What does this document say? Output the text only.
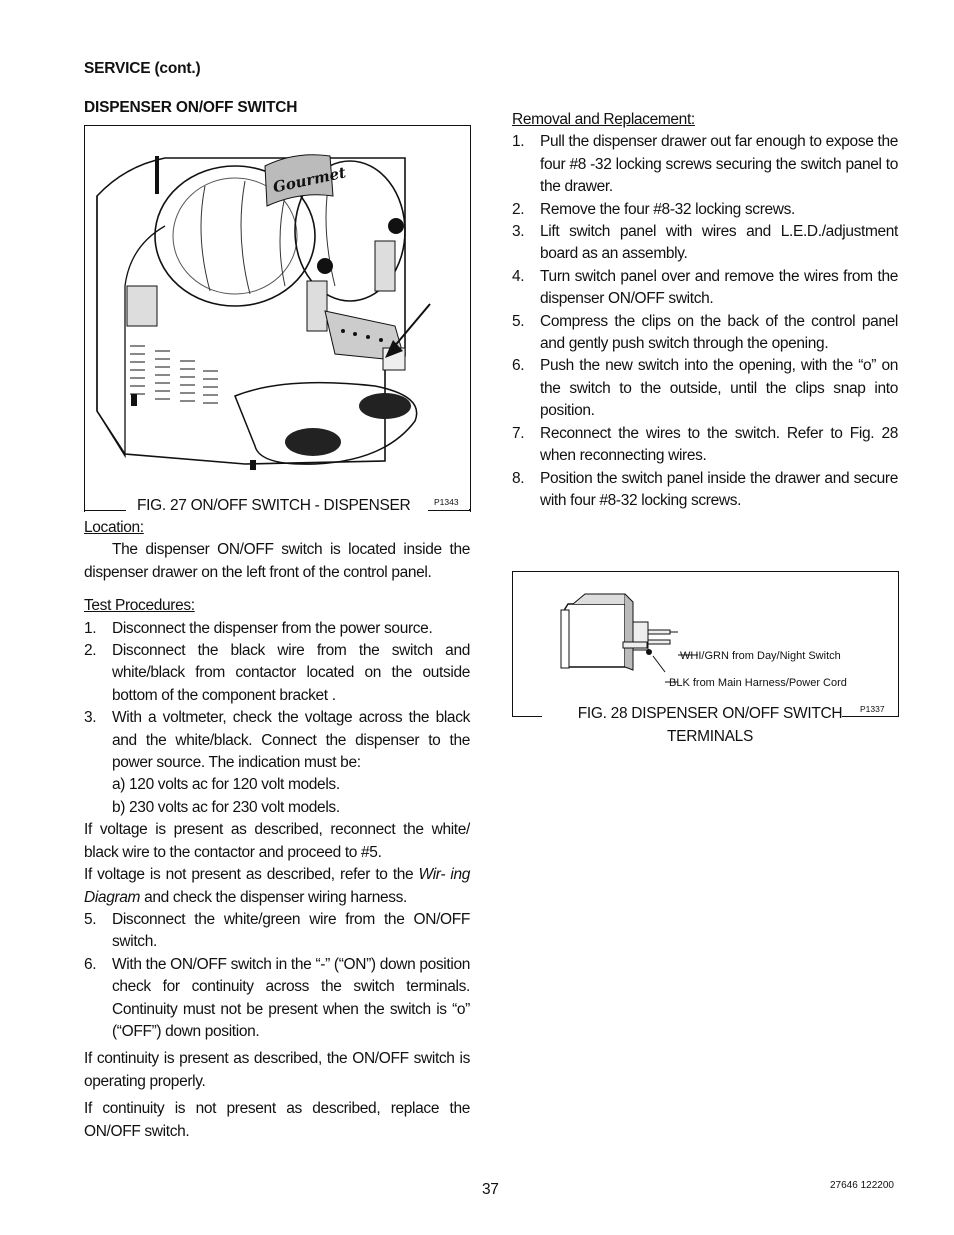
SERVICE (cont.)
DISPENSER ON/OFF SWITCH
Gourmet
FIG. 27 ON/OFF SWITCH - DISPENSER	P1343
Location:
The dispenser ON/OFF switch is located inside the dispenser drawer on the left front of the control panel.
Test Procedures:
1. Disconnect the dispenser from the power source.
2. Disconnect the black wire from the switch and white/black from contactor located on the outside bottom of the component bracket .
3. With a voltmeter, check the voltage across the black and the white/black. Connect the dispenser to the power source. The indication must be:
a) 120 volts ac for 120 volt models.
b) 230 volts ac for 230 volt models.
If voltage is present as described, reconnect the white/ black wire to the contactor and proceed to #5.
If voltage is not present as described, refer to the Wir- ing Diagram and check the dispenser wiring harness.
5. Disconnect the white/green wire from the ON/OFF switch.
6. With the ON/OFF switch in the “-” (“ON”) down position check for continuity across the switch terminals. Continuity must not be present when the switch is “o” (“OFF”) down position.
If continuity is present as described, the ON/OFF switch is operating properly.
If continuity is not present as described, replace the ON/OFF switch.
Removal and Replacement:
1. Pull the dispenser drawer out far enough to expose the four #8 -32 locking screws securing the switch panel to the drawer.
2. Remove the four #8-32 locking screws.
3. Lift switch panel with wires and L.E.D./adjustment board as an assembly.
4. Turn switch panel over and remove the wires from the dispenser ON/OFF switch.
5. Compress the clips on the back of the control panel and gently push switch through the opening.
6. Push the new switch into the opening, with the “o” on the switch to the outside, until the clips snap into position.
7. Reconnect the wires to the switch. Refer to Fig. 28 when reconnecting wires.
8. Position the switch panel inside the drawer and secure with four #8-32 locking screws.
WHI/GRN from Day/Night Switch
BLK from Main Harness/Power Cord
P1337
FIG. 28 DISPENSER ON/OFF SWITCH
TERMINALS
37	27646 122200
